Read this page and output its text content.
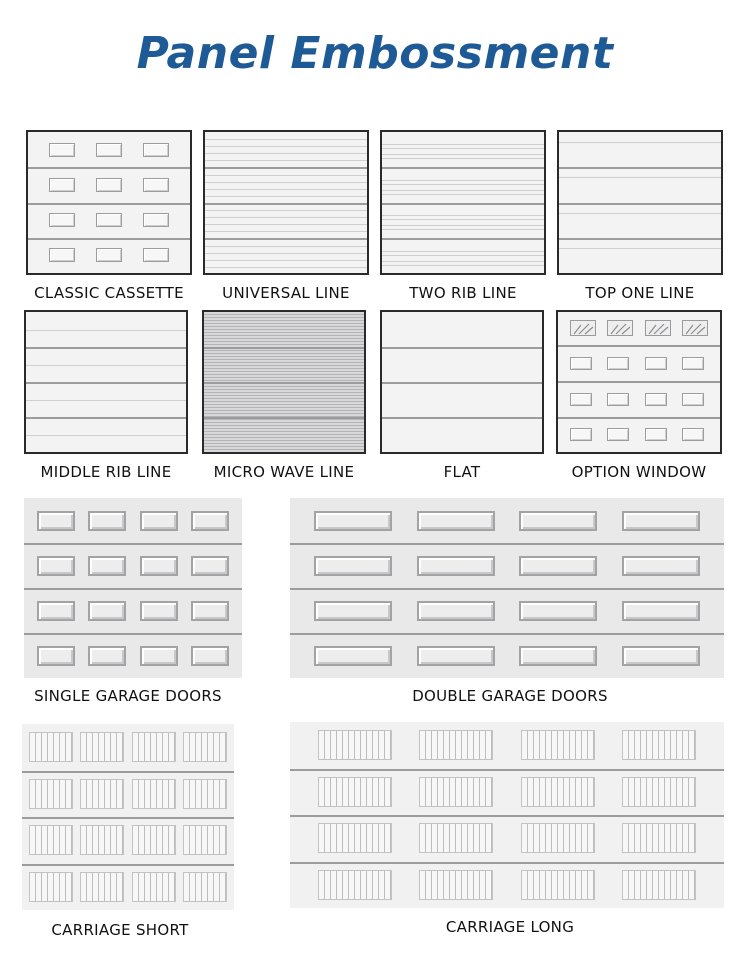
Panel Embossment
CLASSIC CASSETTE	UNIVERSAL LINE	TWO RIB LINE	TOP ONE LINE
MIDDLE RIB LINE	MICRO WAVE LINE	FLAT	OPTION WINDOW
SINGLE GARAGE DOORS	DOUBLE GARAGE DOORS
CARRIAGE SHORT	CARRIAGE LONG
